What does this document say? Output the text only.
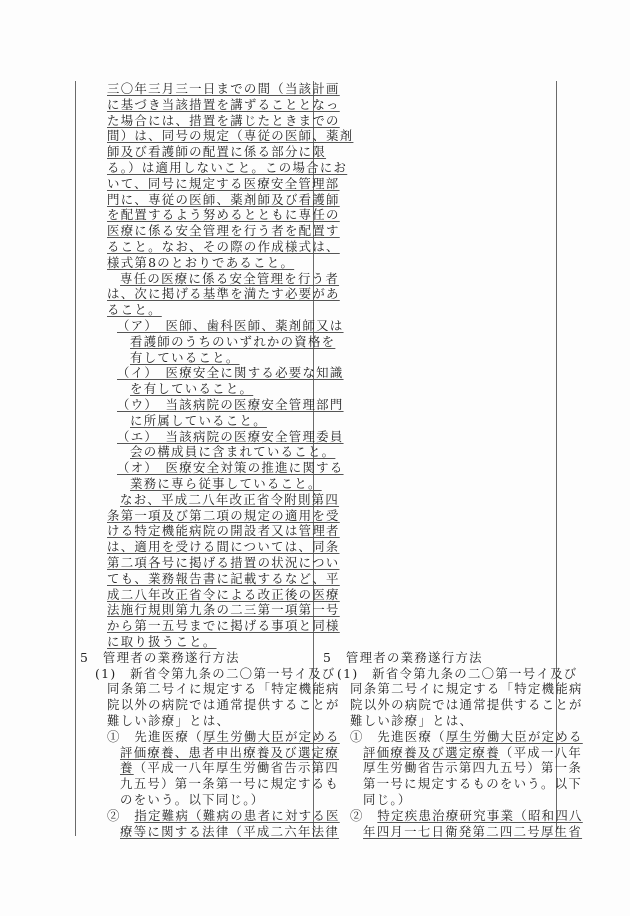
三〇年三月三一日までの間（当該計画
に基づき当該措置を講ずることとなっ
た場合には、措置を講じたときまでの
間）は、同号の規定（専従の医師、薬剤
師及び看護師の配置に係る部分に限
る。）は適用しないこと。この場合にお
いて、同号に規定する医療安全管理部
門に、専従の医師、薬剤師及び看護師
を配置するよう努めるとともに専任の
医療に係る安全管理を行う者を配置す
ること。なお、その際の作成様式は、
様式第8のとおりであること。
専任の医療に係る安全管理を行う者
は、次に掲げる基準を満たす必要があ
ること。
（ア）　医師、歯科医師、薬剤師又は
看護師のうちのいずれかの資格を
有していること。
（イ）　医療安全に関する必要な知識
を有していること。
（ウ）　当該病院の医療安全管理部門
に所属していること。
（エ）　当該病院の医療安全管理委員
会の構成員に含まれていること。
（オ）　医療安全対策の推進に関する
業務に専ら従事していること。
なお、平成二八年改正省令附則第四
条第一項及び第二項の規定の適用を受
ける特定機能病院の開設者又は管理者
は、適用を受ける間については、同条
第二項各号に掲げる措置の状況につい
ても、業務報告書に記載するなど、平
成二八年改正省令による改正後の医療
法施行規則第九条の二三第一項第一号
から第一五号までに掲げる事項と同様
に取り扱うこと。
5　管理者の業務遂行方法
(1)　新省令第九条の二〇第一号イ及び
同条第二号イに規定する「特定機能病
院以外の病院では通常提供することが
難しい診療」とは、
①　先進医療（厚生労働大臣が定める
評価療養、患者申出療養及び選定療
養（平成一八年厚生労働省告示第四
九五号）第一条第一号に規定するも
のをいう。以下同じ。）
②　指定難病（難病の患者に対する医
療等に関する法律（平成二六年法律
5　管理者の業務遂行方法
(1)　新省令第九条の二〇第一号イ及び
同条第二号イに規定する「特定機能病
院以外の病院では通常提供することが
難しい診療」とは、
①　先進医療（厚生労働大臣が定める
評価療養及び選定療養（平成一八年
厚生労働省告示第四九五号）第一条
第一号に規定するものをいう。以下
同じ。）
②　特定疾患治療研究事業（昭和四八
年四月一七日衛発第二四二号厚生省
